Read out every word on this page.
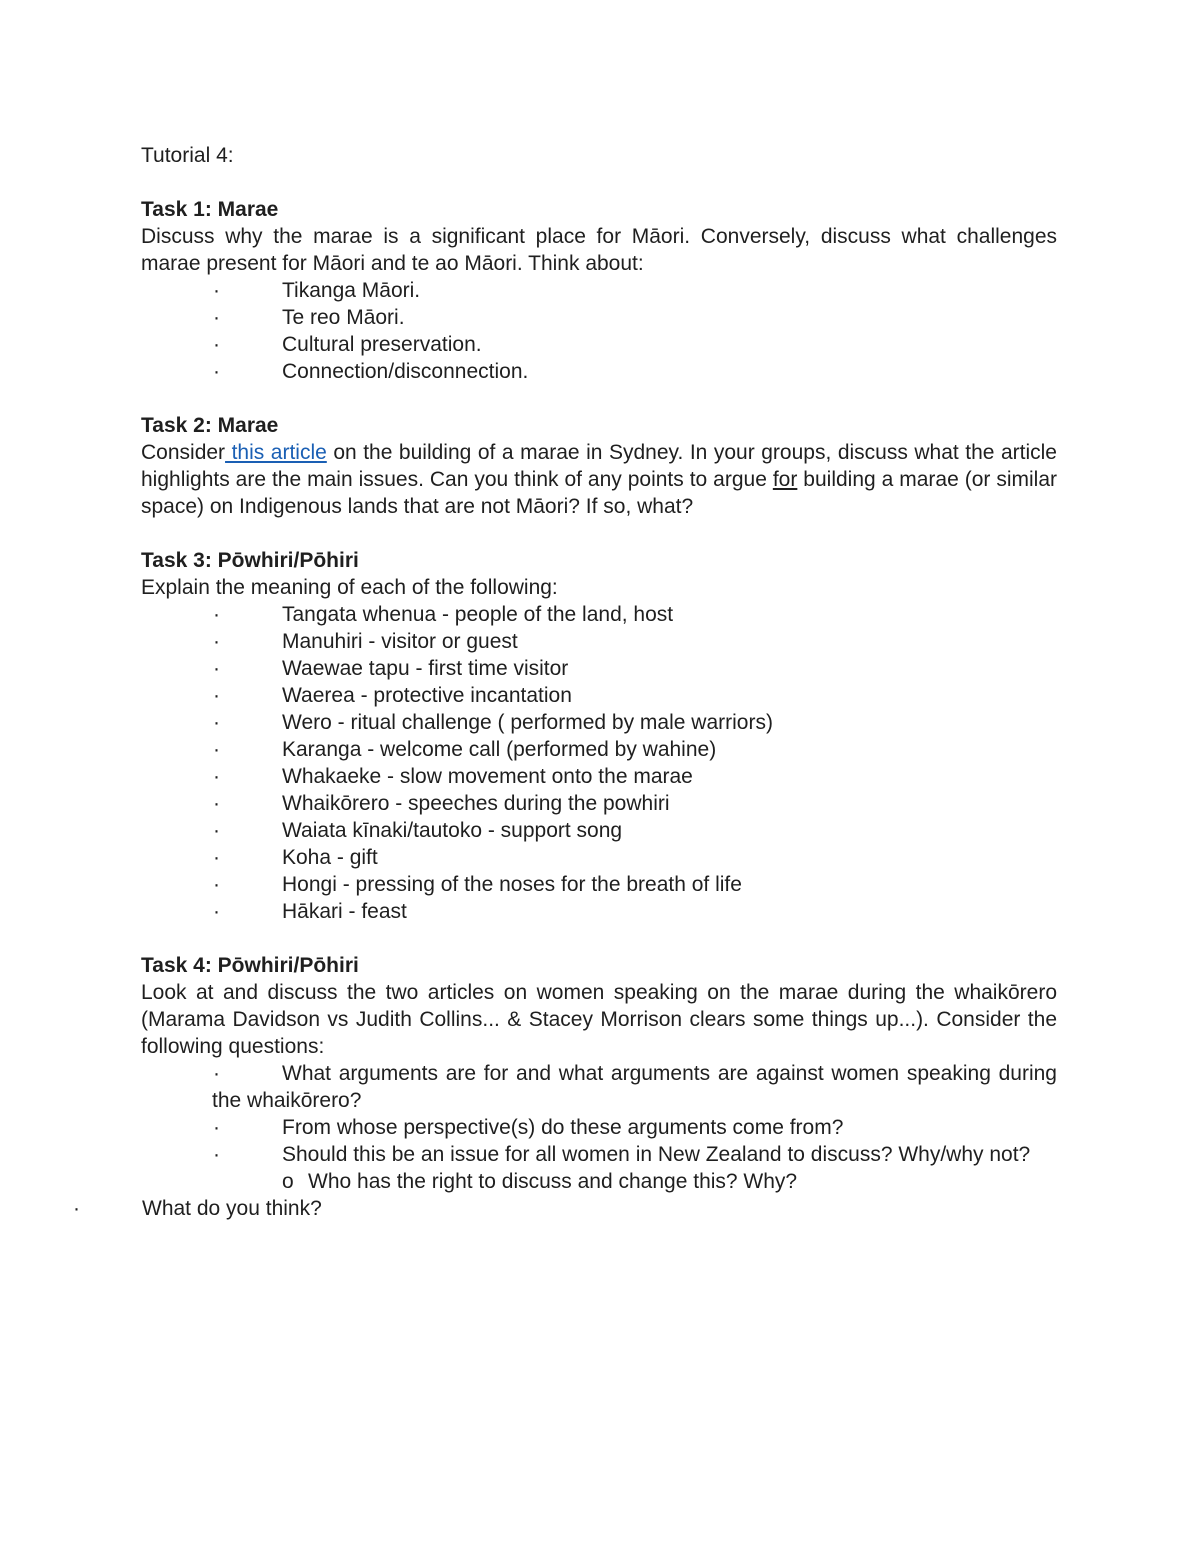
Tutorial 4:

Task 1: Marae

Discuss why the marae is a significant place for Māori. Conversely, discuss what challenges marae present for Māori and te ao Māori. Think about:

·	Tikanga Māori.

·	Te reo Māori.

·	Cultural preservation.

·	Connection/disconnection.

Task 2: Marae

Consider this article on the building of a marae in Sydney. In your groups, discuss what the article highlights are the main issues. Can you think of any points to argue for building a marae (or similar space) on Indigenous lands that are not Māori? If so, what?

Task 3: Pōwhiri/Pōhiri

Explain the meaning of each of the following:

·	Tangata whenua - people of the land, host

·	Manuhiri - visitor or guest

·	Waewae tapu - first time visitor

·	Waerea - protective incantation

·	Wero - ritual challenge ( performed by male warriors)

·	Karanga - welcome call (performed by wahine)

·	Whakaeke - slow movement onto the marae

·	Whaikōrero - speeches during the powhiri

·	Waiata kīnaki/tautoko - support song

·	Koha - gift

·	Hongi - pressing of the noses for the breath of life

·	Hākari - feast

Task 4: Pōwhiri/Pōhiri

Look at and discuss the two articles on women speaking on the marae during the whaikōrero (Marama Davidson vs Judith Collins... & Stacey Morrison clears some things up...). Consider the following questions:

·	What arguments are for and what arguments are against women speaking during the whaikōrero?

·	From whose perspective(s) do these arguments come from?

·	Should this be an issue for all women in New Zealand to discuss? Why/why not?

o Who has the right to discuss and change this? Why?

·	What do you think?
